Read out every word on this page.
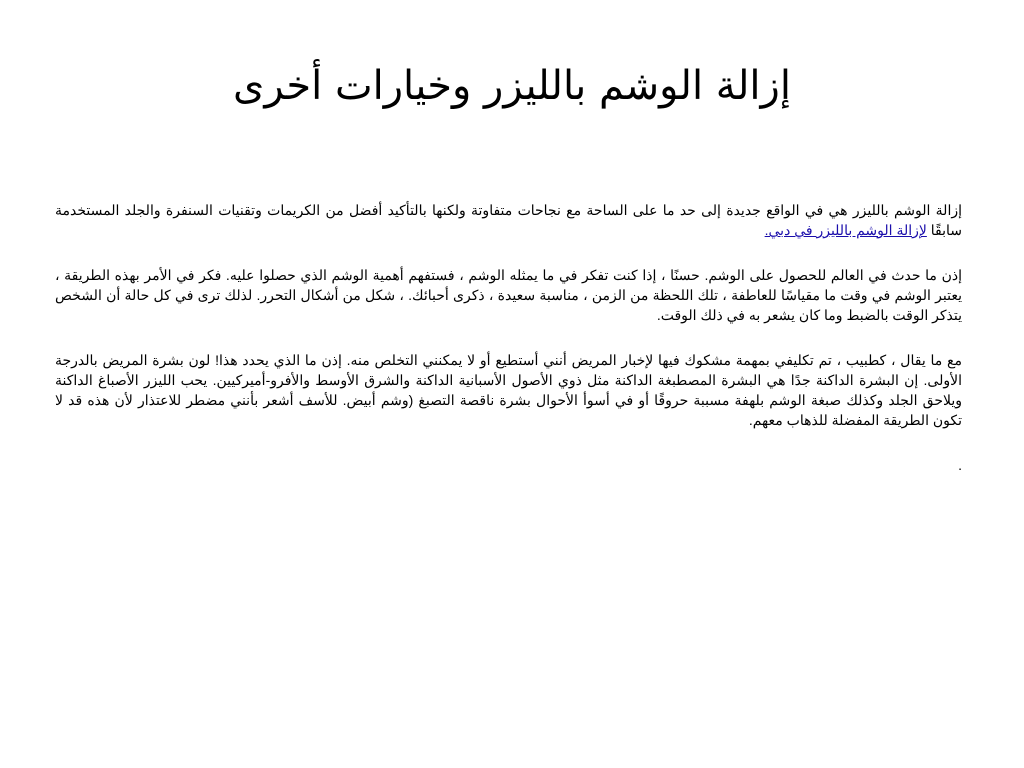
إزالة الوشم بالليزر وخيارات أخرى

إزالة الوشم بالليزر هي في الواقع جديدة إلى حد ما على الساحة مع نجاحات متفاوتة ولكنها بالتأكيد أفضل من الكريمات وتقنيات السنفرة والجلد المستخدمة سابقًا لإزالة الوشم بالليزر في دبي.

إذن ما حدث في العالم للحصول على الوشم. حسنًا ، إذا كنت تفكر في ما يمثله الوشم ، فستفهم أهمية الوشم الذي حصلوا عليه. فكر في الأمر بهذه الطريقة ، يعتبر الوشم في وقت ما مقياسًا للعاطفة ، تلك اللحظة من الزمن ، مناسبة سعيدة ، ذكرى أحبائك. ، شكل من أشكال التحرر. لذلك ترى في كل حالة أن الشخص يتذكر الوقت بالضبط وما كان يشعر به في ذلك الوقت.

مع ما يقال ، كطبيب ، تم تكليفي بمهمة مشكوك فيها لإخبار المريض أنني أستطيع أو لا يمكنني التخلص منه. إذن ما الذي يحدد هذا! لون بشرة المريض بالدرجة الأولى. إن البشرة الداكنة جدًا هي البشرة المصطبغة الداكنة مثل ذوي الأصول الأسبانية الداكنة والشرق الأوسط والأفرو-أميركيين. يحب الليزر الأصباغ الداكنة ويلاحق الجلد وكذلك صبغة الوشم بلهفة مسببة حروقًا أو في أسوأ الأحوال بشرة ناقصة التصبغ (وشم أبيض. للأسف أشعر بأنني مضطر للاعتذار لأن هذه قد لا تكون الطريقة المفضلة للذهاب معهم.

.
